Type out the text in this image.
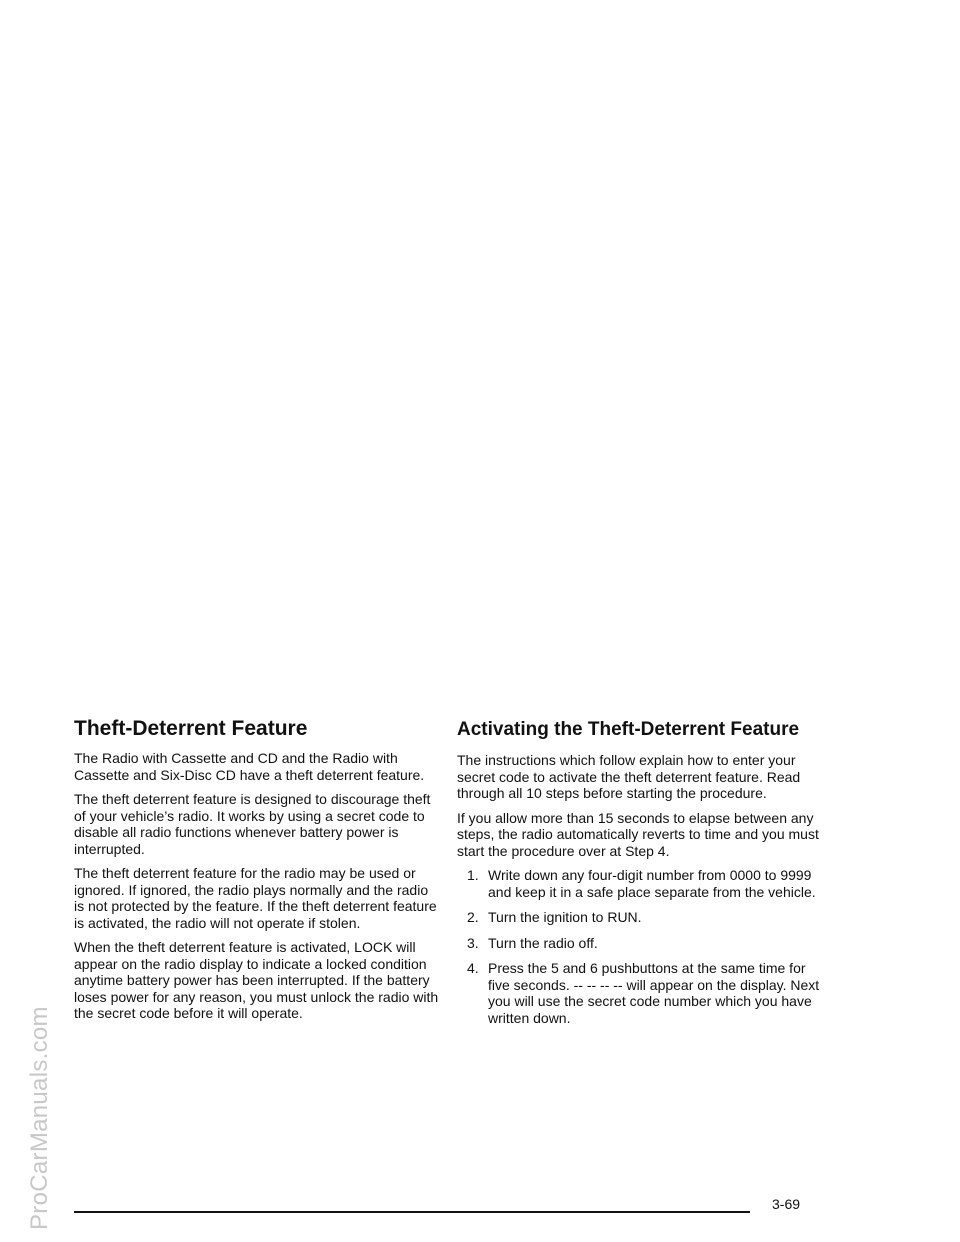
Theft-Deterrent Feature

The Radio with Cassette and CD and the Radio with Cassette and Six-Disc CD have a theft deterrent feature.

The theft deterrent feature is designed to discourage theft of your vehicle’s radio. It works by using a secret code to disable all radio functions whenever battery power is interrupted.

The theft deterrent feature for the radio may be used or ignored. If ignored, the radio plays normally and the radio is not protected by the feature. If the theft deterrent feature is activated, the radio will not operate if stolen.

When the theft deterrent feature is activated, LOCK will appear on the radio display to indicate a locked condition anytime battery power has been interrupted. If the battery loses power for any reason, you must unlock the radio with the secret code before it will operate.

Activating the Theft-Deterrent Feature

The instructions which follow explain how to enter your secret code to activate the theft deterrent feature. Read through all 10 steps before starting the procedure.

If you allow more than 15 seconds to elapse between any steps, the radio automatically reverts to time and you must start the procedure over at Step 4.

1. Write down any four-digit number from 0000 to 9999 and keep it in a safe place separate from the vehicle.
2. Turn the ignition to RUN.
3. Turn the radio off.
4. Press the 5 and 6 pushbuttons at the same time for five seconds. -- -- -- -- will appear on the display. Next you will use the secret code number which you have written down.
3-69
ProCarManuals.com
